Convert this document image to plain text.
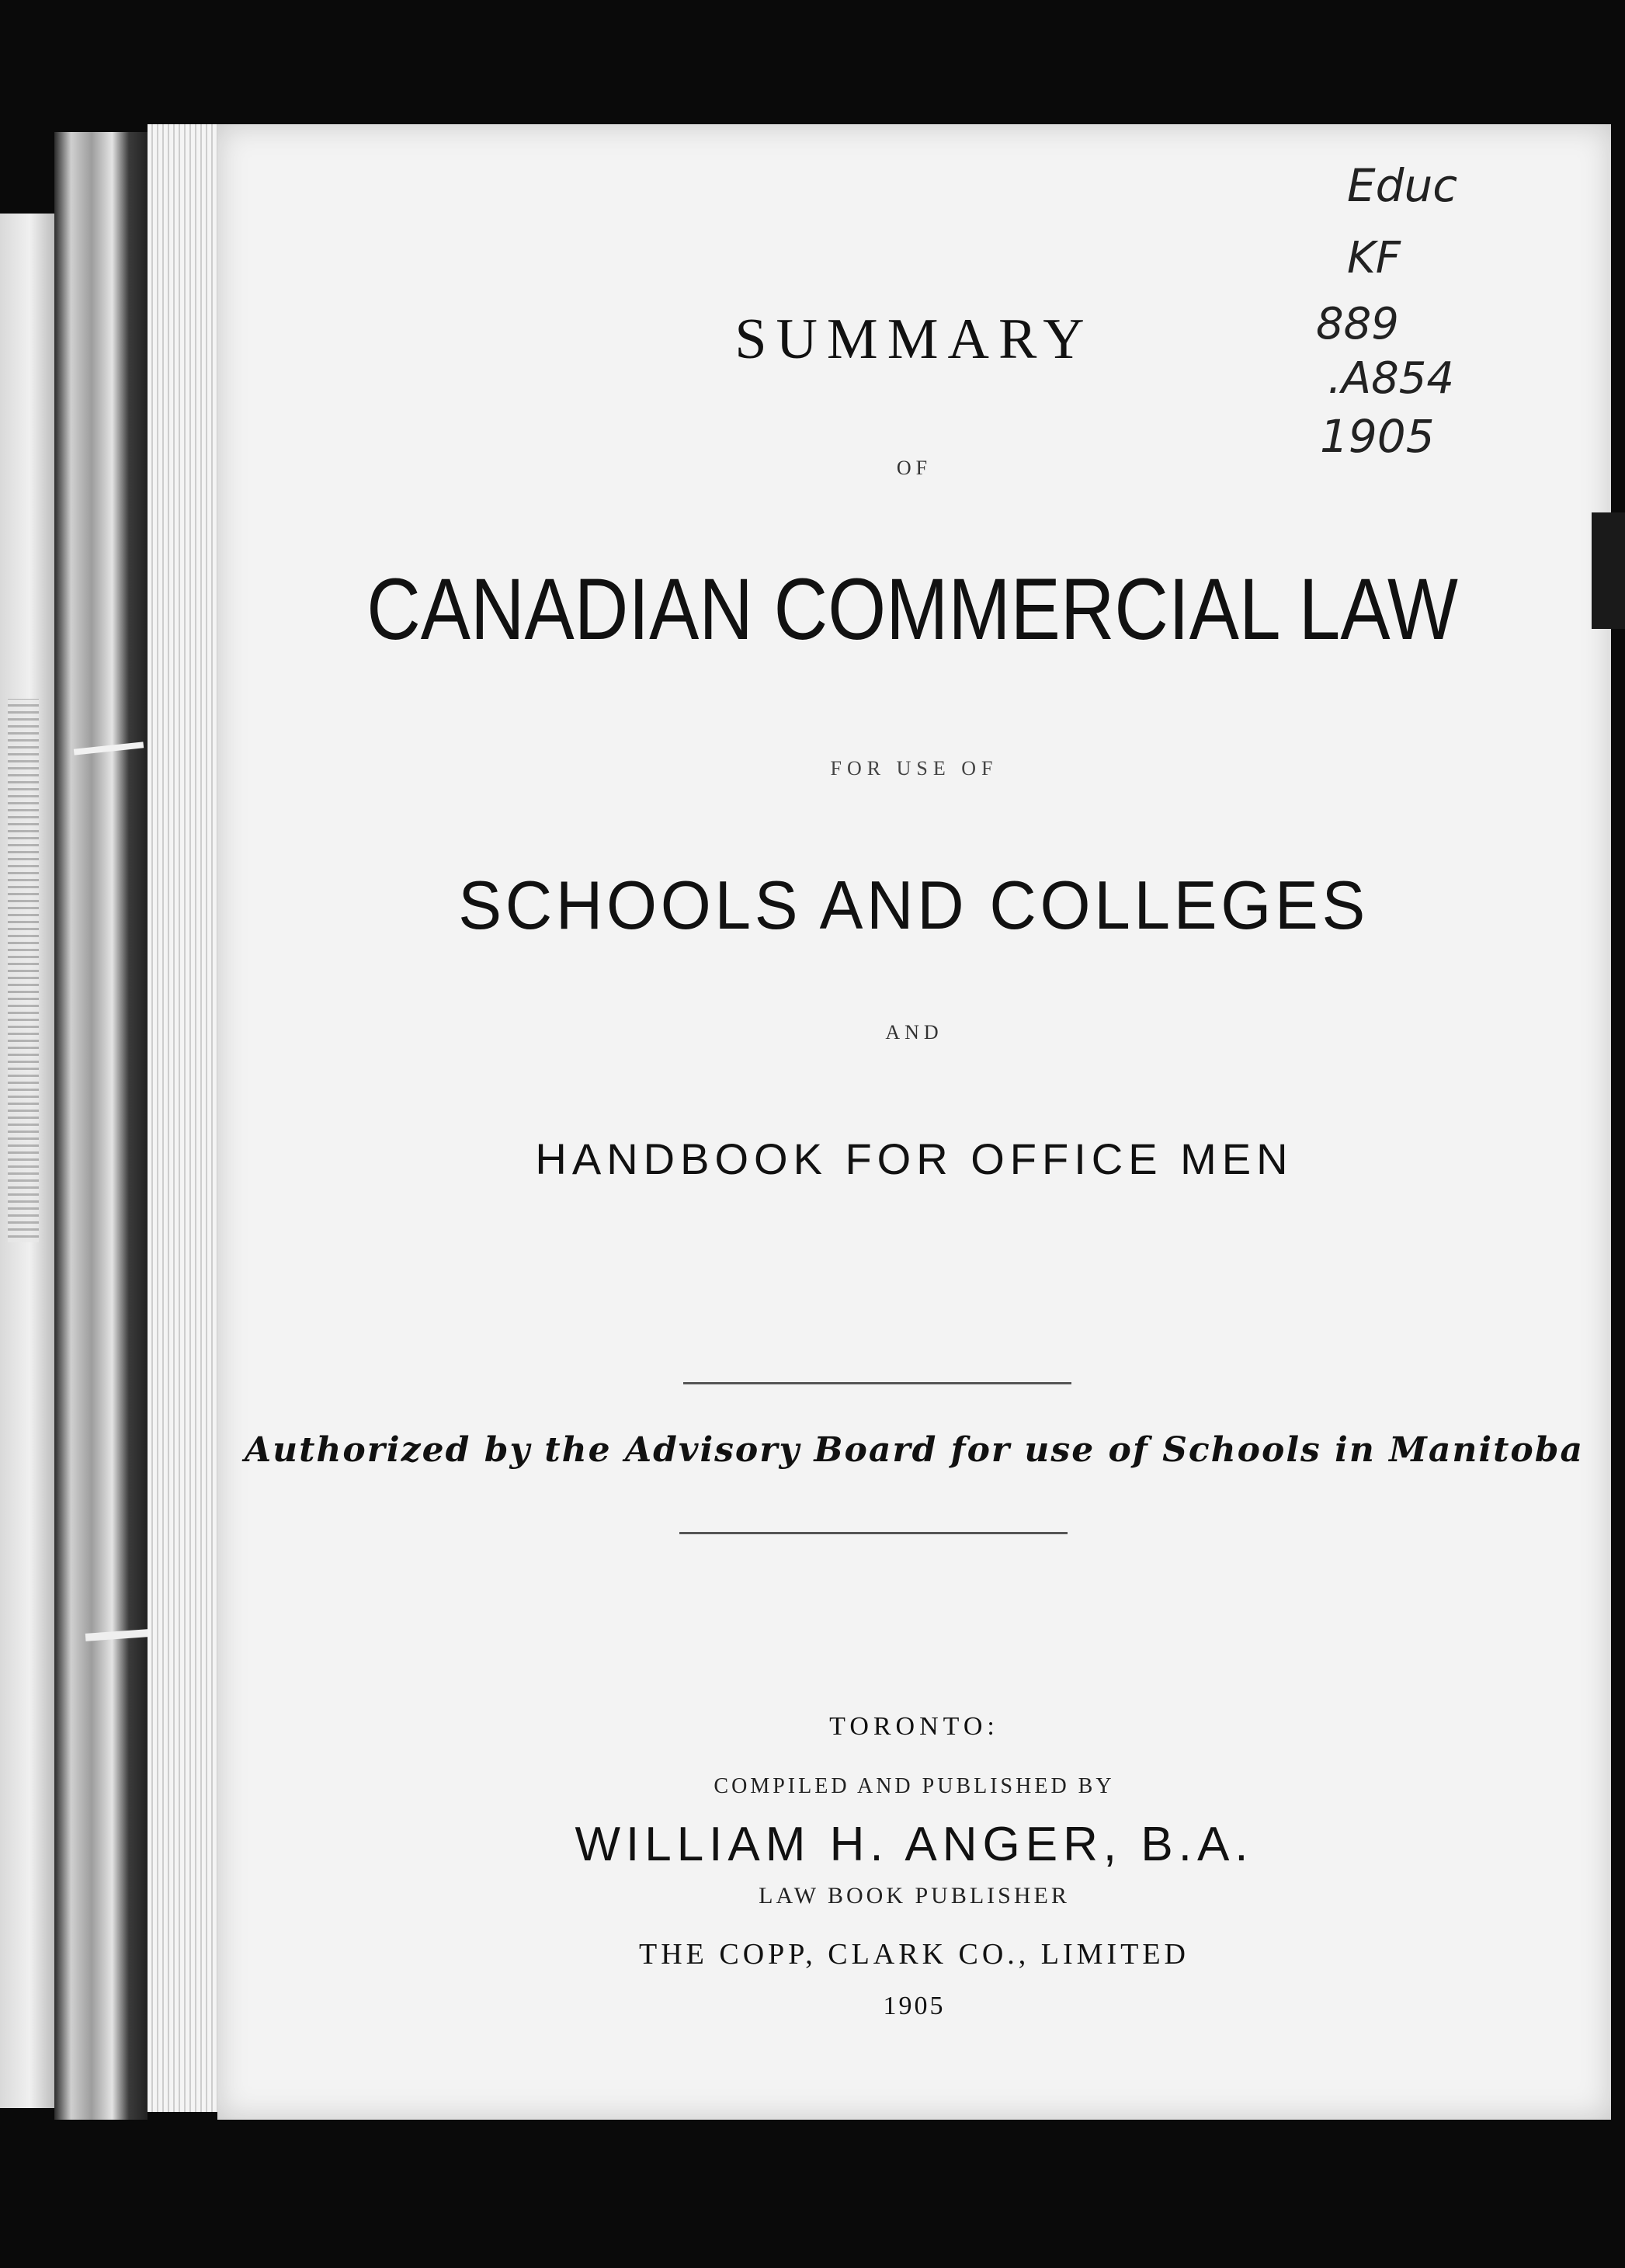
Educ
KF
889
.A854
1905
SUMMARY
OF
CANADIAN COMMERCIAL LAW
FOR USE OF
SCHOOLS AND COLLEGES
AND
HANDBOOK FOR OFFICE MEN
Authorized by the Advisory Board for use of Schools in Manitoba
TORONTO:
COMPILED AND PUBLISHED BY
WILLIAM H. ANGER, B.A.
LAW BOOK PUBLISHER
THE COPP, CLARK CO., LIMITED
1905
